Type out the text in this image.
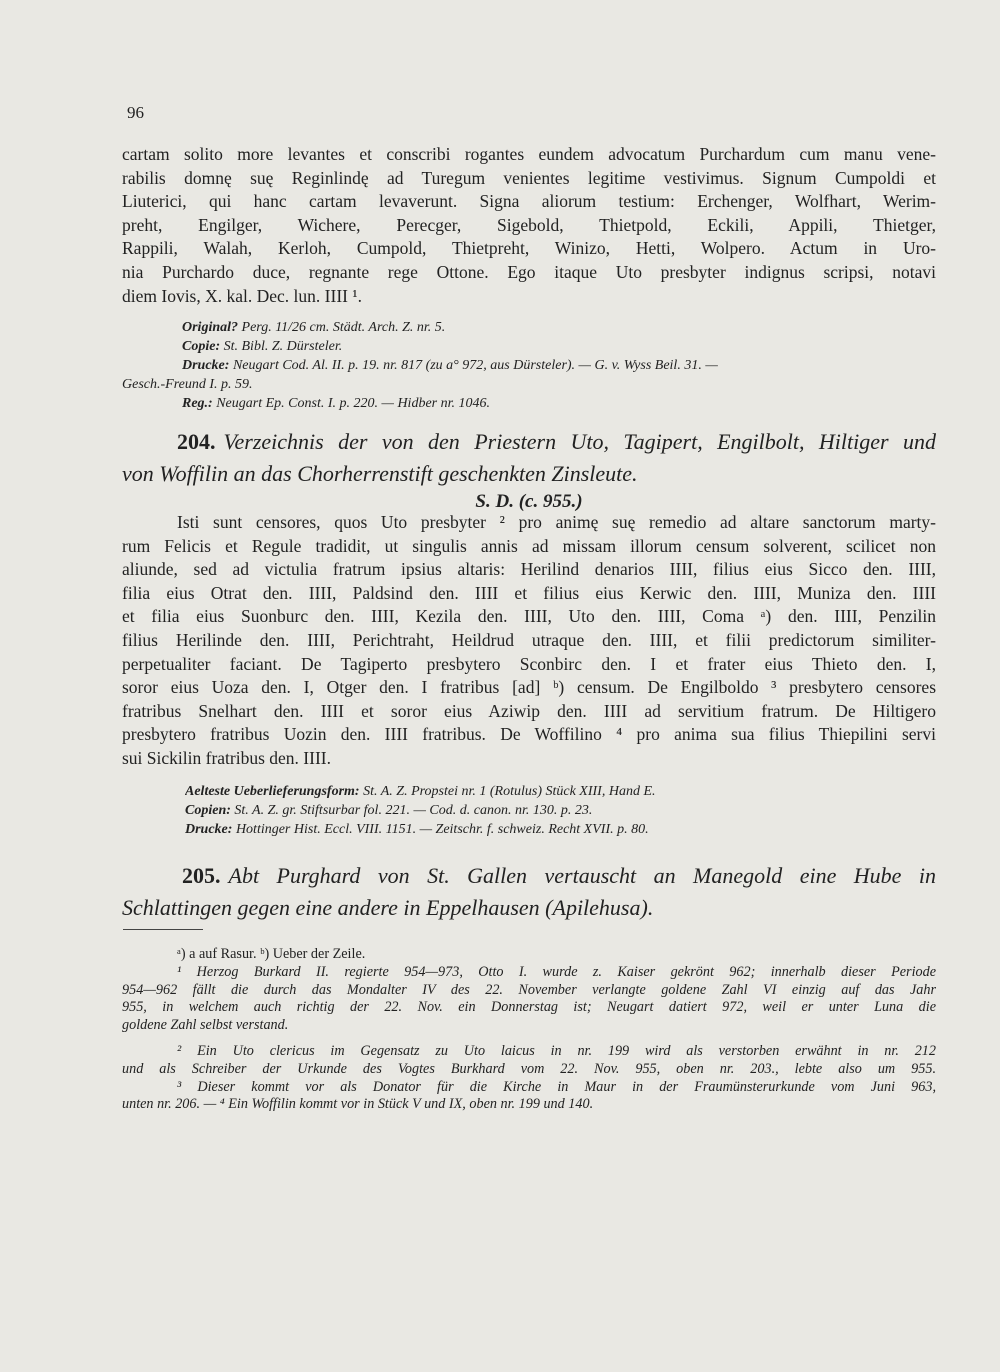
96
cartam solito more levantes et conscribi rogantes eundem advocatum Purchardum cum manu vene-
rabilis domnę suę Reginlindę ad Turegum venientes legitime vestivimus. Signum Cumpoldi et
Liuterici, qui hanc cartam levaverunt. Signa aliorum testium: Erchenger, Wolfhart, Werim-
preht, Engilger, Wichere, Perecger, Sigebold, Thietpold, Eckili, Appili, Thietger,
Rappili, Walah, Kerloh, Cumpold, Thietpreht, Winizo, Hetti, Wolpero. Actum in Uro-
nia Purchardo duce, regnante rege Ottone. Ego itaque Uto presbyter indignus scripsi, notavi
diem Iovis, X. kal. Dec. lun. IIII ¹.
Original? Perg. 11/26 cm. Städt. Arch. Z. nr. 5.
Copie: St. Bibl. Z. Dürsteler.
Drucke: Neugart Cod. Al. II. p. 19. nr. 817 (zu a° 972, aus Dürsteler). — G. v. Wyss Beil. 31. —
Gesch.-Freund I. p. 59.
Reg.: Neugart Ep. Const. I. p. 220. — Hidber nr. 1046.
204. Verzeichnis der von den Priestern Uto, Tagipert, Engilbolt, Hiltiger und
von Woffilin an das Chorherrenstift geschenkten Zinsleute.
S. D. (c. 955.)
Isti sunt censores, quos Uto presbyter ² pro animę suę remedio ad altare sanctorum marty-
rum Felicis et Regule tradidit, ut singulis annis ad missam illorum censum solverent, scilicet non
aliunde, sed ad victulia fratrum ipsius altaris: Herilind denarios IIII, filius eius Sicco den. IIII,
filia eius Otrat den. IIII, Paldsind den. IIII et filius eius Kerwic den. IIII, Muniza den. IIII
et filia eius Suonburc den. IIII, Kezila den. IIII, Uto den. IIII, Coma ᵃ) den. IIII, Penzilin
filius Herilinde den. IIII, Perichtraht, Heildrud utraque den. IIII, et filii predictorum similiter-
perpetualiter faciant. De Tagiperto presbytero Sconbirc den. I et frater eius Thieto den. I,
soror eius Uoza den. I, Otger den. I fratribus [ad] ᵇ) censum. De Engilboldo ³ presbytero censores
fratribus Snelhart den. IIII et soror eius Aziwip den. IIII ad servitium fratrum. De Hiltigero
presbytero fratribus Uozin den. IIII fratribus. De Woffilino ⁴ pro anima sua filius Thiepilini servi
sui Sickilin fratribus den. IIII.
Aelteste Ueberlieferungsform: St. A. Z. Propstei nr. 1 (Rotulus) Stück XIII, Hand E.
Copien: St. A. Z. gr. Stiftsurbar fol. 221. — Cod. d. canon. nr. 130. p. 23.
Drucke: Hottinger Hist. Eccl. VIII. 1151. — Zeitschr. f. schweiz. Recht XVII. p. 80.
205. Abt Purghard von St. Gallen vertauscht an Manegold eine Hube in
Schlattingen gegen eine andere in Eppelhausen (Apilehusa).
ᵃ) a auf Rasur. ᵇ) Ueber der Zeile.
¹ Herzog Burkard II. regierte 954—973, Otto I. wurde z. Kaiser gekrönt 962; innerhalb dieser Periode
954—962 fällt die durch das Mondalter IV des 22. November verlangte goldene Zahl VI einzig auf das Jahr
955, in welchem auch richtig der 22. Nov. ein Donnerstag ist; Neugart datiert 972, weil er unter Luna die
goldene Zahl selbst verstand.
² Ein Uto clericus im Gegensatz zu Uto laicus in nr. 199 wird als verstorben erwähnt in nr. 212
und als Schreiber der Urkunde des Vogtes Burkhard vom 22. Nov. 955, oben nr. 203., lebte also um 955.
³ Dieser kommt vor als Donator für die Kirche in Maur in der Fraumünsterurkunde vom Juni 963,
unten nr. 206. — ⁴ Ein Woffilin kommt vor in Stück V und IX, oben nr. 199 und 140.
